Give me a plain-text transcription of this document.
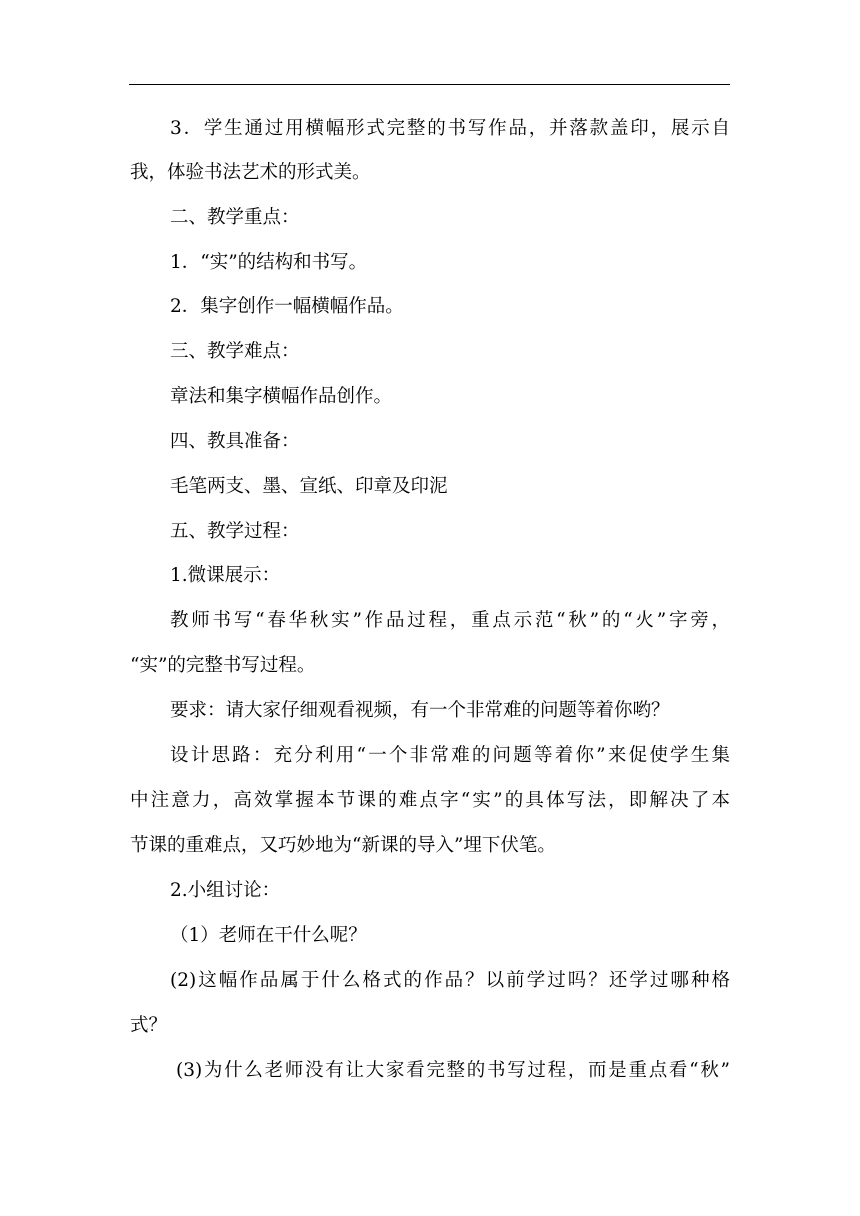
3．学生通过用横幅形式完整的书写作品，并落款盖印，展示自
我，体验书法艺术的形式美。
二、教学重点：
1．“实”的结构和书写。
2．集字创作一幅横幅作品。
三、教学难点：
章法和集字横幅作品创作。
四、教具准备：
毛笔两支、墨、宣纸、印章及印泥
五、教学过程：
1.微课展示：
教师书写“春华秋实”作品过程，重点示范“秋”的“火”字旁，
“实”的完整书写过程。
要求：请大家仔细观看视频，有一个非常难的问题等着你哟？
设计思路：充分利用“一个非常难的问题等着你”来促使学生集
中注意力，高效掌握本节课的难点字“实”的具体写法，即解决了本
节课的重难点，又巧妙地为“新课的导入”埋下伏笔。
2.小组讨论：
（1）老师在干什么呢？
(2)这幅作品属于什么格式的作品？以前学过吗？还学过哪种格
式？
(3)为什么老师没有让大家看完整的书写过程，而是重点看“秋”
